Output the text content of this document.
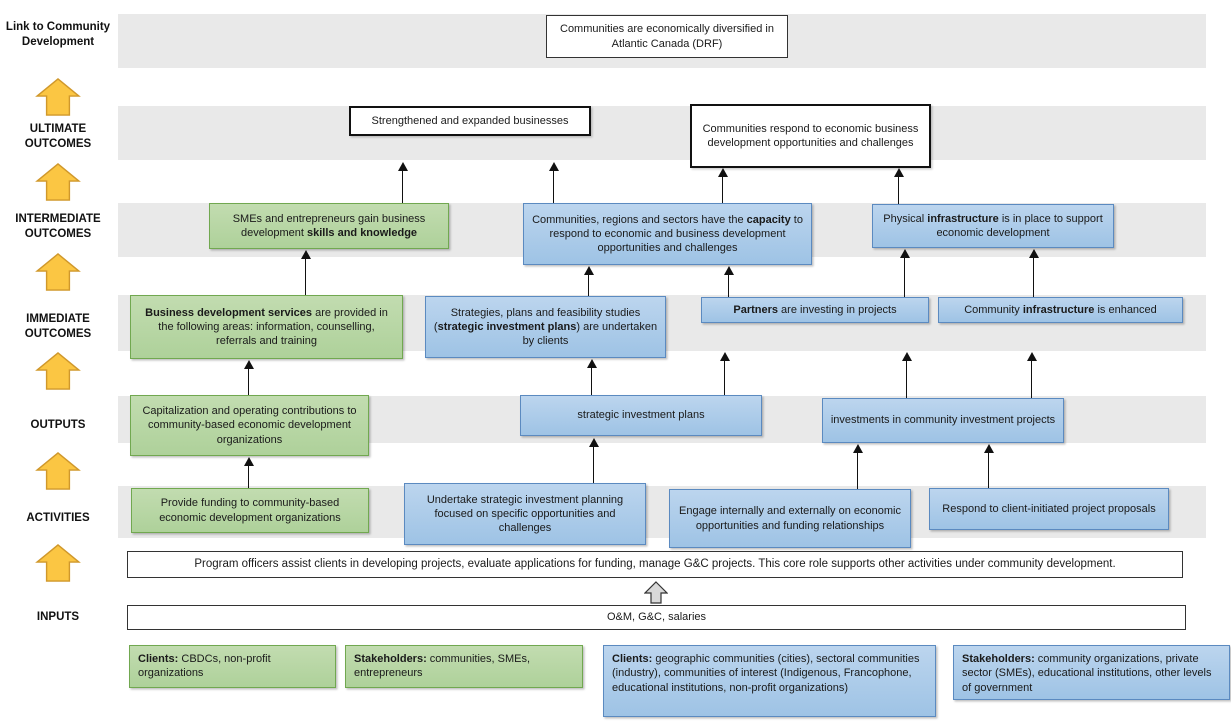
Link to Community Development
ULTIMATE OUTCOMES
INTERMEDIATE OUTCOMES
IMMEDIATE OUTCOMES
OUTPUTS
ACTIVITIES
INPUTS
Communities are economically diversified in Atlantic Canada (DRF)
Strengthened and expanded businesses
Communities respond to economic business development opportunities and challenges
SMEs and entrepreneurs gain business development skills and knowledge
Communities, regions and sectors have the capacity to respond to economic and business development opportunities and challenges
Physical infrastructure is in place to support economic development
Business development services are provided in the following areas: information, counselling, referrals and training
Strategies, plans and feasibility studies (strategic investment plans) are undertaken by clients
Partners are investing in projects	Community infrastructure is enhanced
Capitalization and operating contributions to community-based economic development organizations
strategic investment plans	investments in community investment projects
Provide funding to community-based economic development organizations
Undertake strategic investment planning focused on specific opportunities and challenges
Engage internally and externally on economic opportunities and funding relationships
Respond to client-initiated project proposals
Program officers assist clients in developing projects, evaluate applications for funding, manage G&C projects. This core role supports other activities under community development.
O&M, G&C, salaries
Clients: CBDCs, non-profit organizations
Stakeholders: communities, SMEs, entrepreneurs
Clients: geographic communities (cities), sectoral communities (industry), communities of interest (Indigenous, Francophone, educational institutions, non-profit organizations)
Stakeholders: community organizations, private sector (SMEs), educational institutions, other levels of government
